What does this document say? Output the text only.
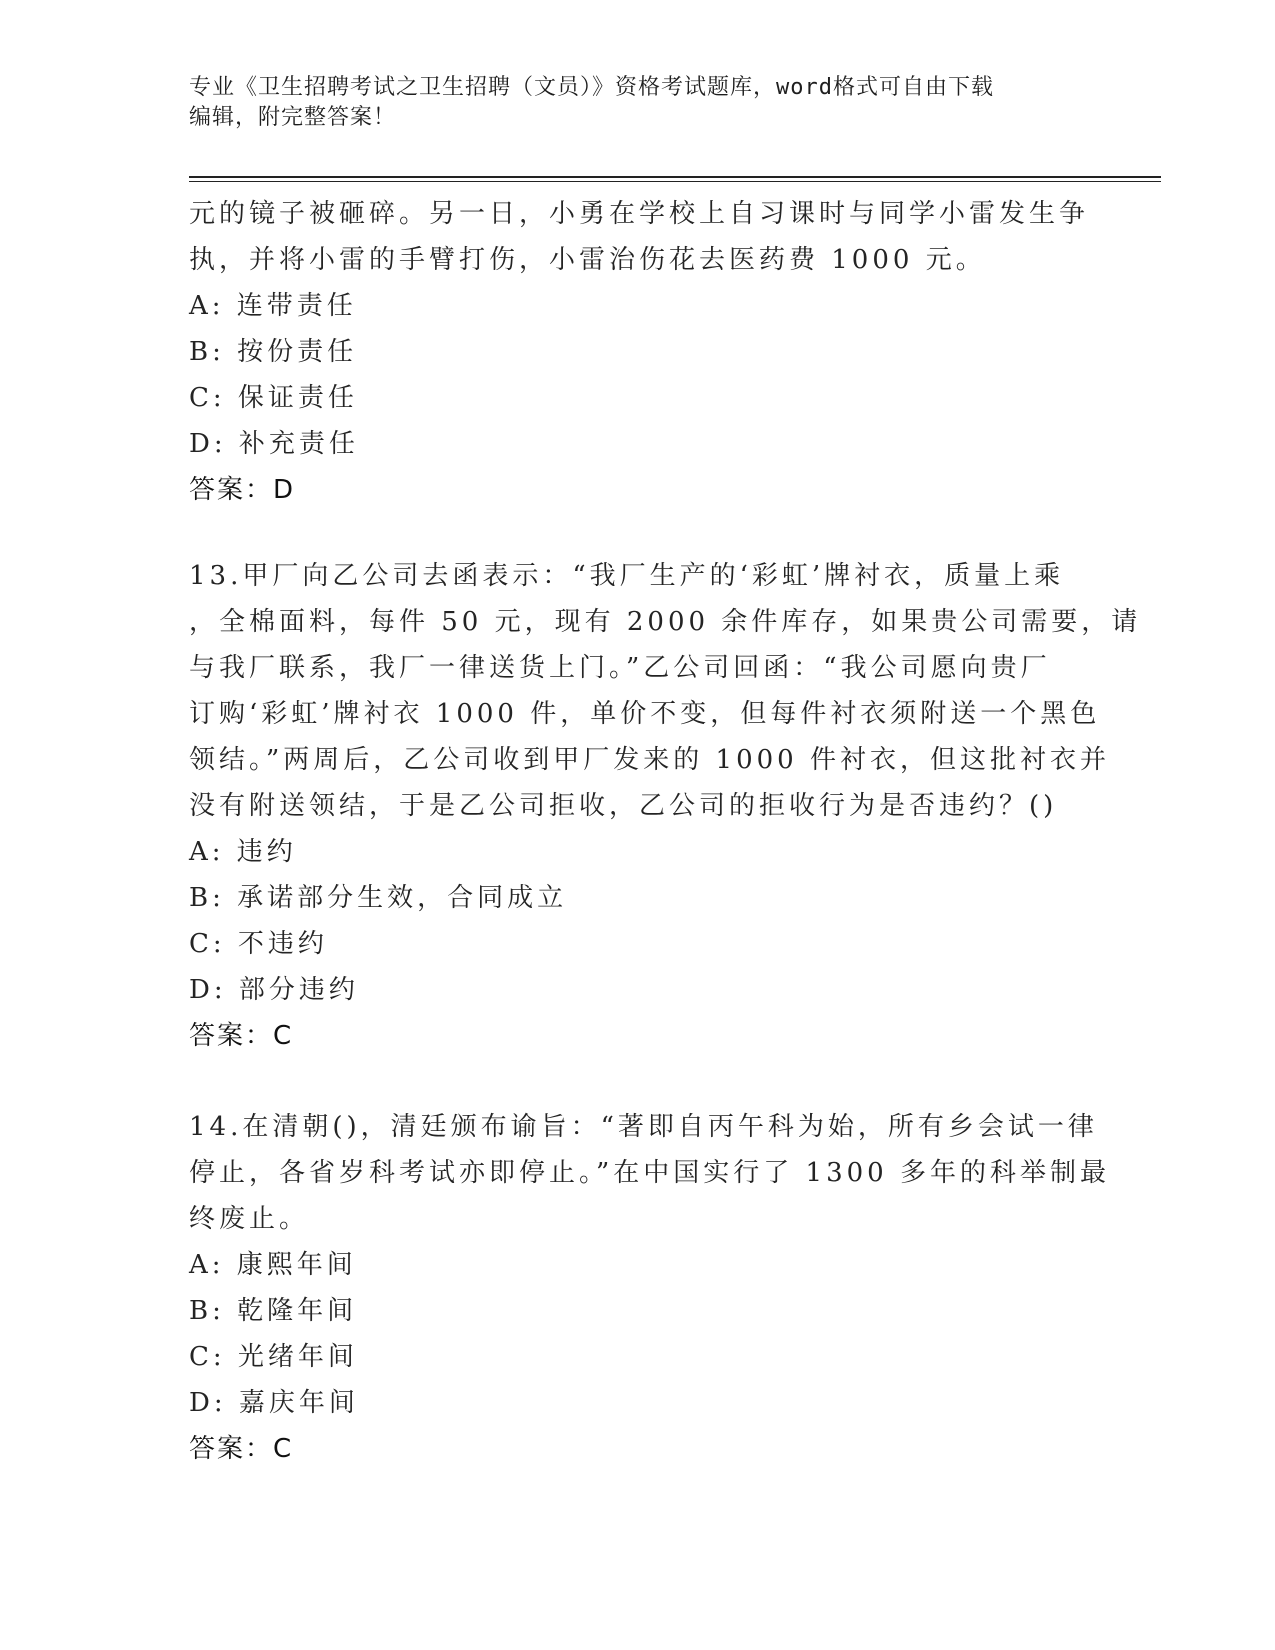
专业《卫生招聘考试之卫生招聘（文员）》资格考试题库，word格式可自由下载
编辑，附完整答案！
元的镜子被砸碎。另一日，小勇在学校上自习课时与同学小雷发生争
执，并将小雷的手臂打伤，小雷治伤花去医药费 1000 元。
A: 连带责任
B: 按份责任
C: 保证责任
D: 补充责任
答案：D
13.甲厂向乙公司去函表示：“我厂生产的‘彩虹’牌衬衣，质量上乘
，全棉面料，每件 50 元，现有 2000 余件库存，如果贵公司需要，请
与我厂联系，我厂一律送货上门。”乙公司回函：“我公司愿向贵厂
订购‘彩虹’牌衬衣 1000 件，单价不变，但每件衬衣须附送一个黑色
领结。”两周后，乙公司收到甲厂发来的 1000 件衬衣，但这批衬衣并
没有附送领结，于是乙公司拒收，乙公司的拒收行为是否违约？()
A: 违约
B: 承诺部分生效，合同成立
C: 不违约
D: 部分违约
答案：C
14.在清朝()，清廷颁布谕旨：“著即自丙午科为始，所有乡会试一律
停止，各省岁科考试亦即停止。”在中国实行了 1300 多年的科举制最
终废止。
A: 康熙年间
B: 乾隆年间
C: 光绪年间
D: 嘉庆年间
答案：C
